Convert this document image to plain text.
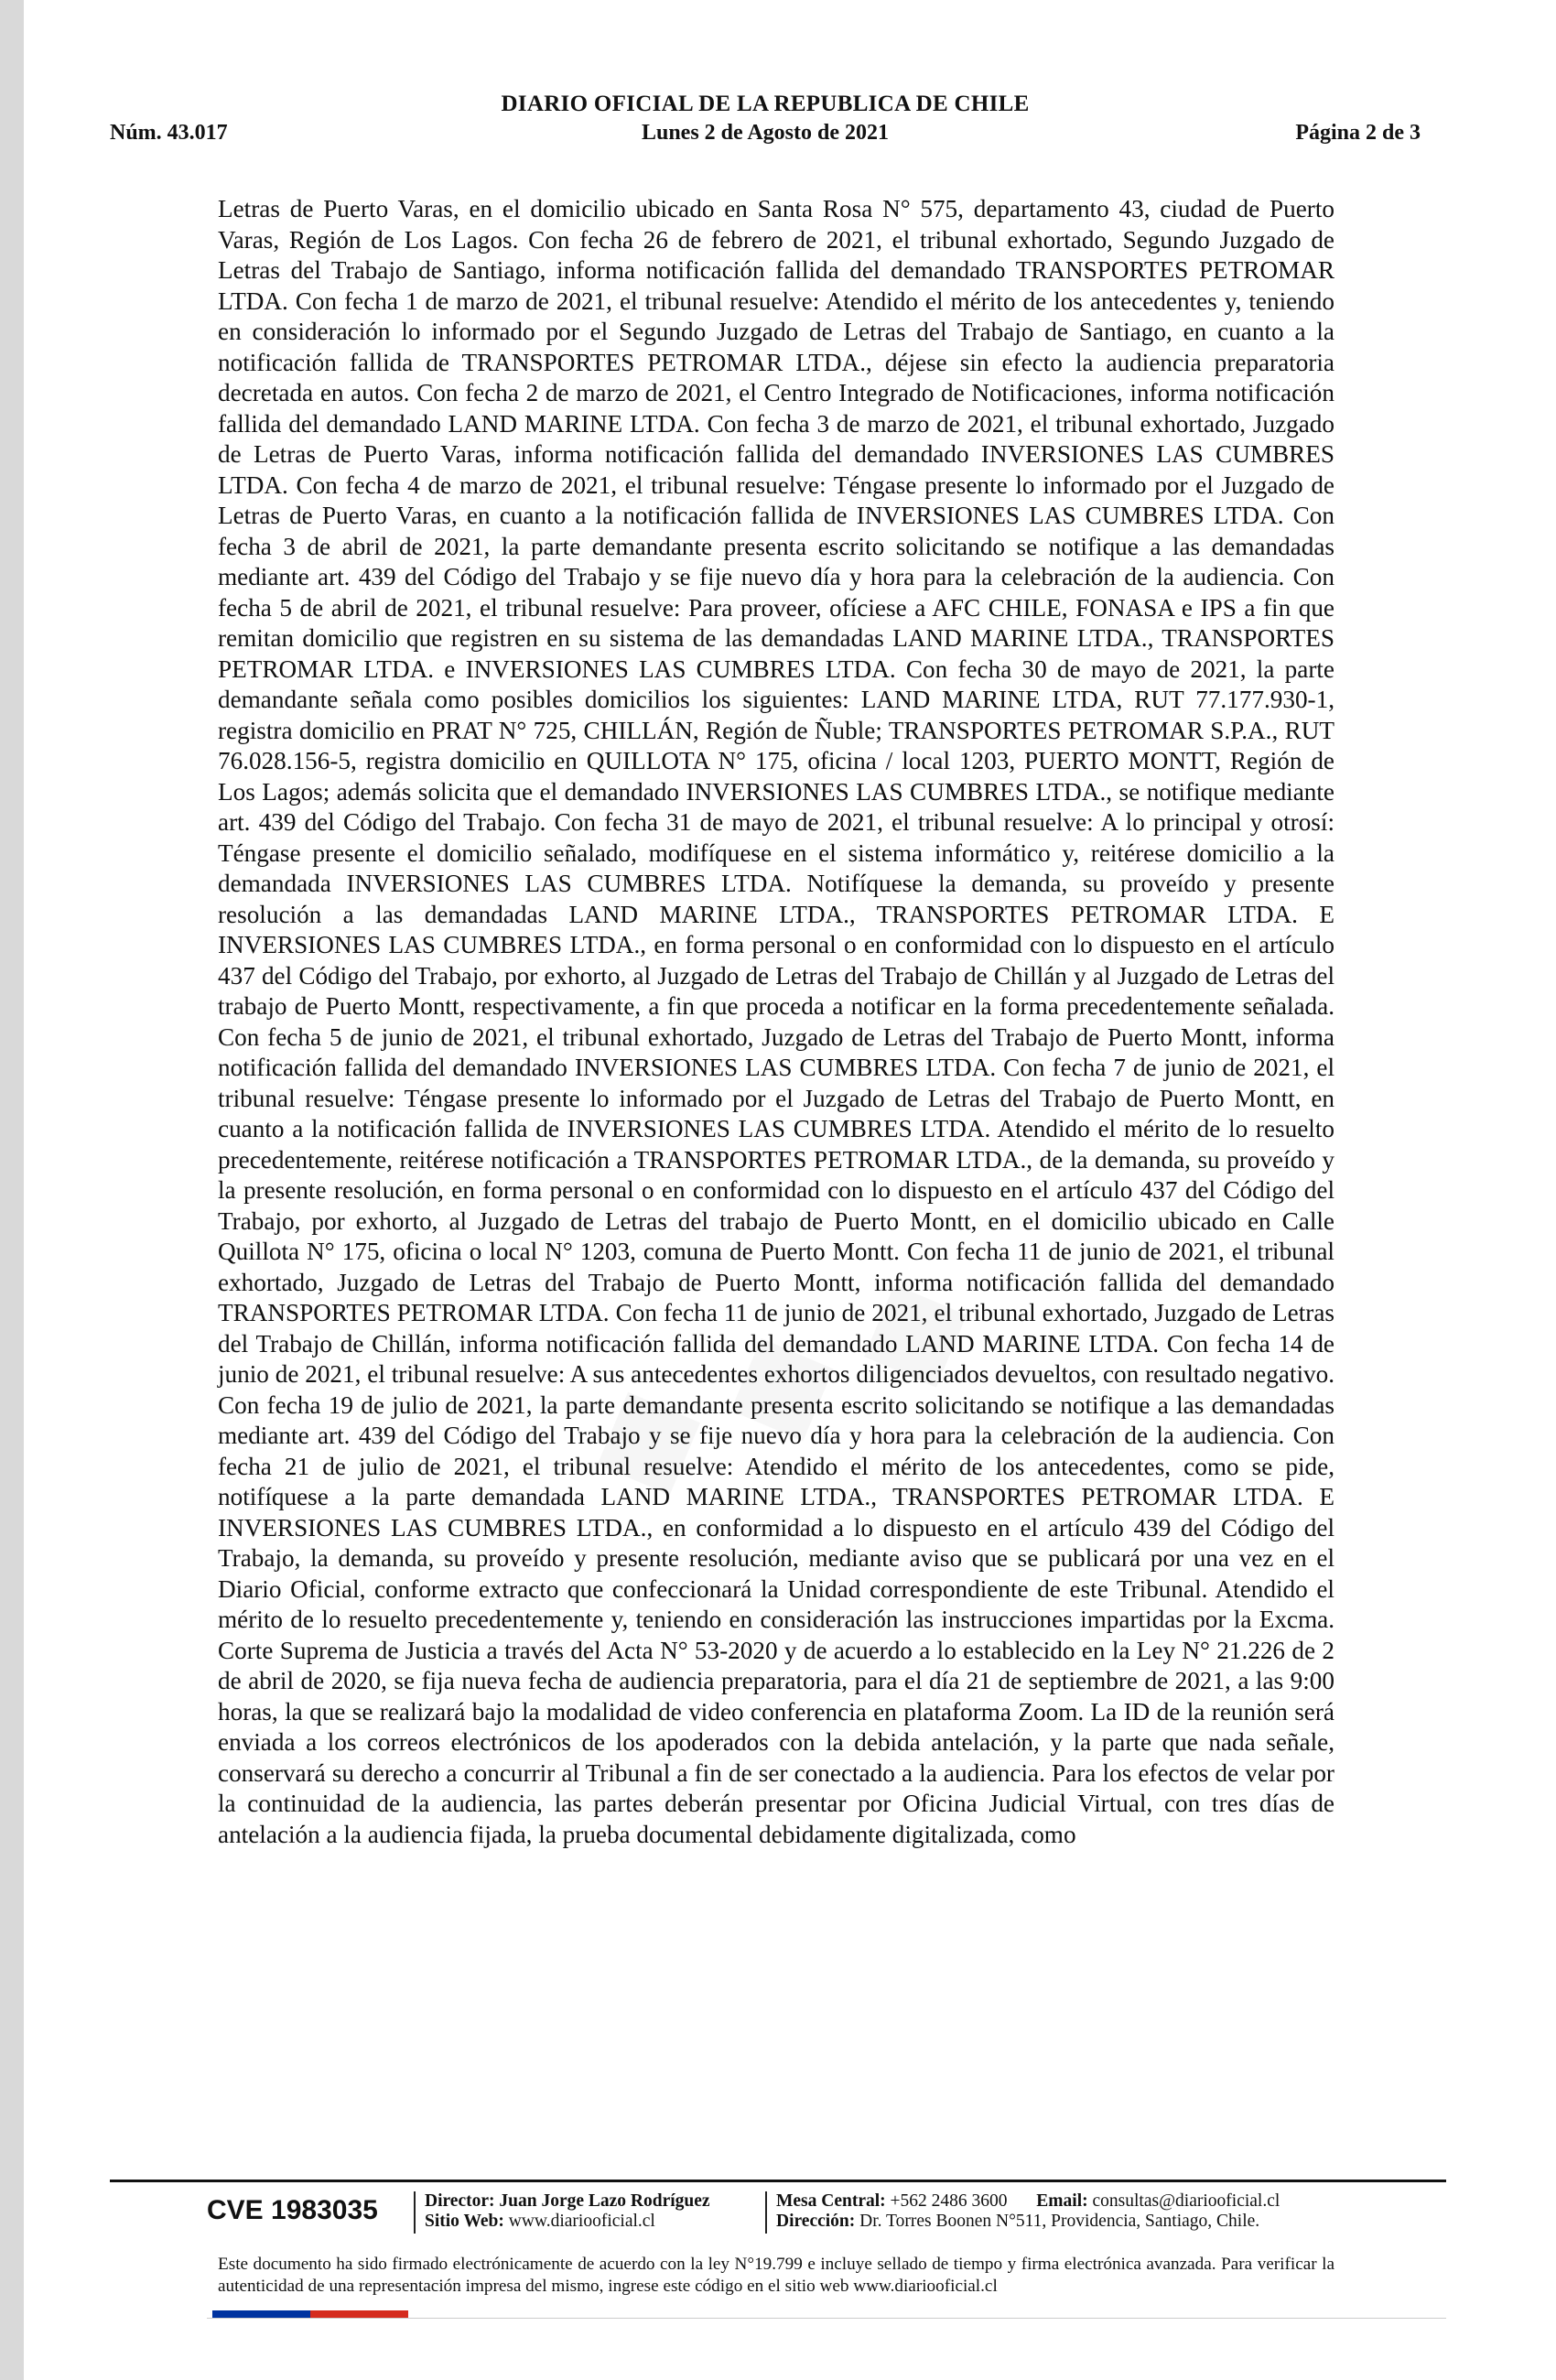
DIARIO OFICIAL DE LA REPUBLICA DE CHILE
Núm. 43.017	Lunes 2 de Agosto de 2021	Página 2 de 3
Letras de Puerto Varas, en el domicilio ubicado en Santa Rosa N° 575, departamento 43, ciudad de Puerto Varas, Región de Los Lagos. Con fecha 26 de febrero de 2021, el tribunal exhortado, Segundo Juzgado de Letras del Trabajo de Santiago, informa notificación fallida del demandado TRANSPORTES PETROMAR LTDA. Con fecha 1 de marzo de 2021, el tribunal resuelve: Atendido el mérito de los antecedentes y, teniendo en consideración lo informado por el Segundo Juzgado de Letras del Trabajo de Santiago, en cuanto a la notificación fallida de TRANSPORTES PETROMAR LTDA., déjese sin efecto la audiencia preparatoria decretada en autos. Con fecha 2 de marzo de 2021, el Centro Integrado de Notificaciones, informa notificación fallida del demandado LAND MARINE LTDA. Con fecha 3 de marzo de 2021, el tribunal exhortado, Juzgado de Letras de Puerto Varas, informa notificación fallida del demandado INVERSIONES LAS CUMBRES LTDA. Con fecha 4 de marzo de 2021, el tribunal resuelve: Téngase presente lo informado por el Juzgado de Letras de Puerto Varas, en cuanto a la notificación fallida de INVERSIONES LAS CUMBRES LTDA. Con fecha 3 de abril de 2021, la parte demandante presenta escrito solicitando se notifique a las demandadas mediante art. 439 del Código del Trabajo y se fije nuevo día y hora para la celebración de la audiencia. Con fecha 5 de abril de 2021, el tribunal resuelve: Para proveer, ofíciese a AFC CHILE, FONASA e IPS a fin que remitan domicilio que registren en su sistema de las demandadas LAND MARINE LTDA., TRANSPORTES PETROMAR LTDA. e INVERSIONES LAS CUMBRES LTDA. Con fecha 30 de mayo de 2021, la parte demandante señala como posibles domicilios los siguientes: LAND MARINE LTDA, RUT 77.177.930-1, registra domicilio en PRAT N° 725, CHILLÁN, Región de Ñuble; TRANSPORTES PETROMAR S.P.A., RUT 76.028.156-5, registra domicilio en QUILLOTA N° 175, oficina / local 1203, PUERTO MONTT, Región de Los Lagos; además solicita que el demandado INVERSIONES LAS CUMBRES LTDA., se notifique mediante art. 439 del Código del Trabajo. Con fecha 31 de mayo de 2021, el tribunal resuelve: A lo principal y otrosí: Téngase presente el domicilio señalado, modifíquese en el sistema informático y, reitérese domicilio a la demandada INVERSIONES LAS CUMBRES LTDA. Notifíquese la demanda, su proveído y presente resolución a las demandadas LAND MARINE LTDA., TRANSPORTES PETROMAR LTDA. E INVERSIONES LAS CUMBRES LTDA., en forma personal o en conformidad con lo dispuesto en el artículo 437 del Código del Trabajo, por exhorto, al Juzgado de Letras del Trabajo de Chillán y al Juzgado de Letras del trabajo de Puerto Montt, respectivamente, a fin que proceda a notificar en la forma precedentemente señalada. Con fecha 5 de junio de 2021, el tribunal exhortado, Juzgado de Letras del Trabajo de Puerto Montt, informa notificación fallida del demandado INVERSIONES LAS CUMBRES LTDA. Con fecha 7 de junio de 2021, el tribunal resuelve: Téngase presente lo informado por el Juzgado de Letras del Trabajo de Puerto Montt, en cuanto a la notificación fallida de INVERSIONES LAS CUMBRES LTDA. Atendido el mérito de lo resuelto precedentemente, reitérese notificación a TRANSPORTES PETROMAR LTDA., de la demanda, su proveído y la presente resolución, en forma personal o en conformidad con lo dispuesto en el artículo 437 del Código del Trabajo, por exhorto, al Juzgado de Letras del trabajo de Puerto Montt, en el domicilio ubicado en Calle Quillota N° 175, oficina o local N° 1203, comuna de Puerto Montt. Con fecha 11 de junio de 2021, el tribunal exhortado, Juzgado de Letras del Trabajo de Puerto Montt, informa notificación fallida del demandado TRANSPORTES PETROMAR LTDA. Con fecha 11 de junio de 2021, el tribunal exhortado, Juzgado de Letras del Trabajo de Chillán, informa notificación fallida del demandado LAND MARINE LTDA. Con fecha 14 de junio de 2021, el tribunal resuelve: A sus antecedentes exhortos diligenciados devueltos, con resultado negativo. Con fecha 19 de julio de 2021, la parte demandante presenta escrito solicitando se notifique a las demandadas mediante art. 439 del Código del Trabajo y se fije nuevo día y hora para la celebración de la audiencia. Con fecha 21 de julio de 2021, el tribunal resuelve: Atendido el mérito de los antecedentes, como se pide, notifíquese a la parte demandada LAND MARINE LTDA., TRANSPORTES PETROMAR LTDA. E INVERSIONES LAS CUMBRES LTDA., en conformidad a lo dispuesto en el artículo 439 del Código del Trabajo, la demanda, su proveído y presente resolución, mediante aviso que se publicará por una vez en el Diario Oficial, conforme extracto que confeccionará la Unidad correspondiente de este Tribunal. Atendido el mérito de lo resuelto precedentemente y, teniendo en consideración las instrucciones impartidas por la Excma. Corte Suprema de Justicia a través del Acta N° 53-2020 y de acuerdo a lo establecido en la Ley N° 21.226 de 2 de abril de 2020, se fija nueva fecha de audiencia preparatoria, para el día 21 de septiembre de 2021, a las 9:00 horas, la que se realizará bajo la modalidad de video conferencia en plataforma Zoom. La ID de la reunión será enviada a los correos electrónicos de los apoderados con la debida antelación, y la parte que nada señale, conservará su derecho a concurrir al Tribunal a fin de ser conectado a la audiencia. Para los efectos de velar por la continuidad de la audiencia, las partes deberán presentar por Oficina Judicial Virtual, con tres días de antelación a la audiencia fijada, la prueba documental debidamente digitalizada, como
CVE 1983035	Director: Juan Jorge Lazo Rodríguez
Sitio Web: www.diariooficial.cl
Mesa Central: +562 2486 3600 Email: consultas@diariooficial.cl
Dirección: Dr. Torres Boonen N°511, Providencia, Santiago, Chile.
Este documento ha sido firmado electrónicamente de acuerdo con la ley N°19.799 e incluye sellado de tiempo y firma electrónica avanzada. Para verificar la autenticidad de una representación impresa del mismo, ingrese este código en el sitio web www.diariooficial.cl
